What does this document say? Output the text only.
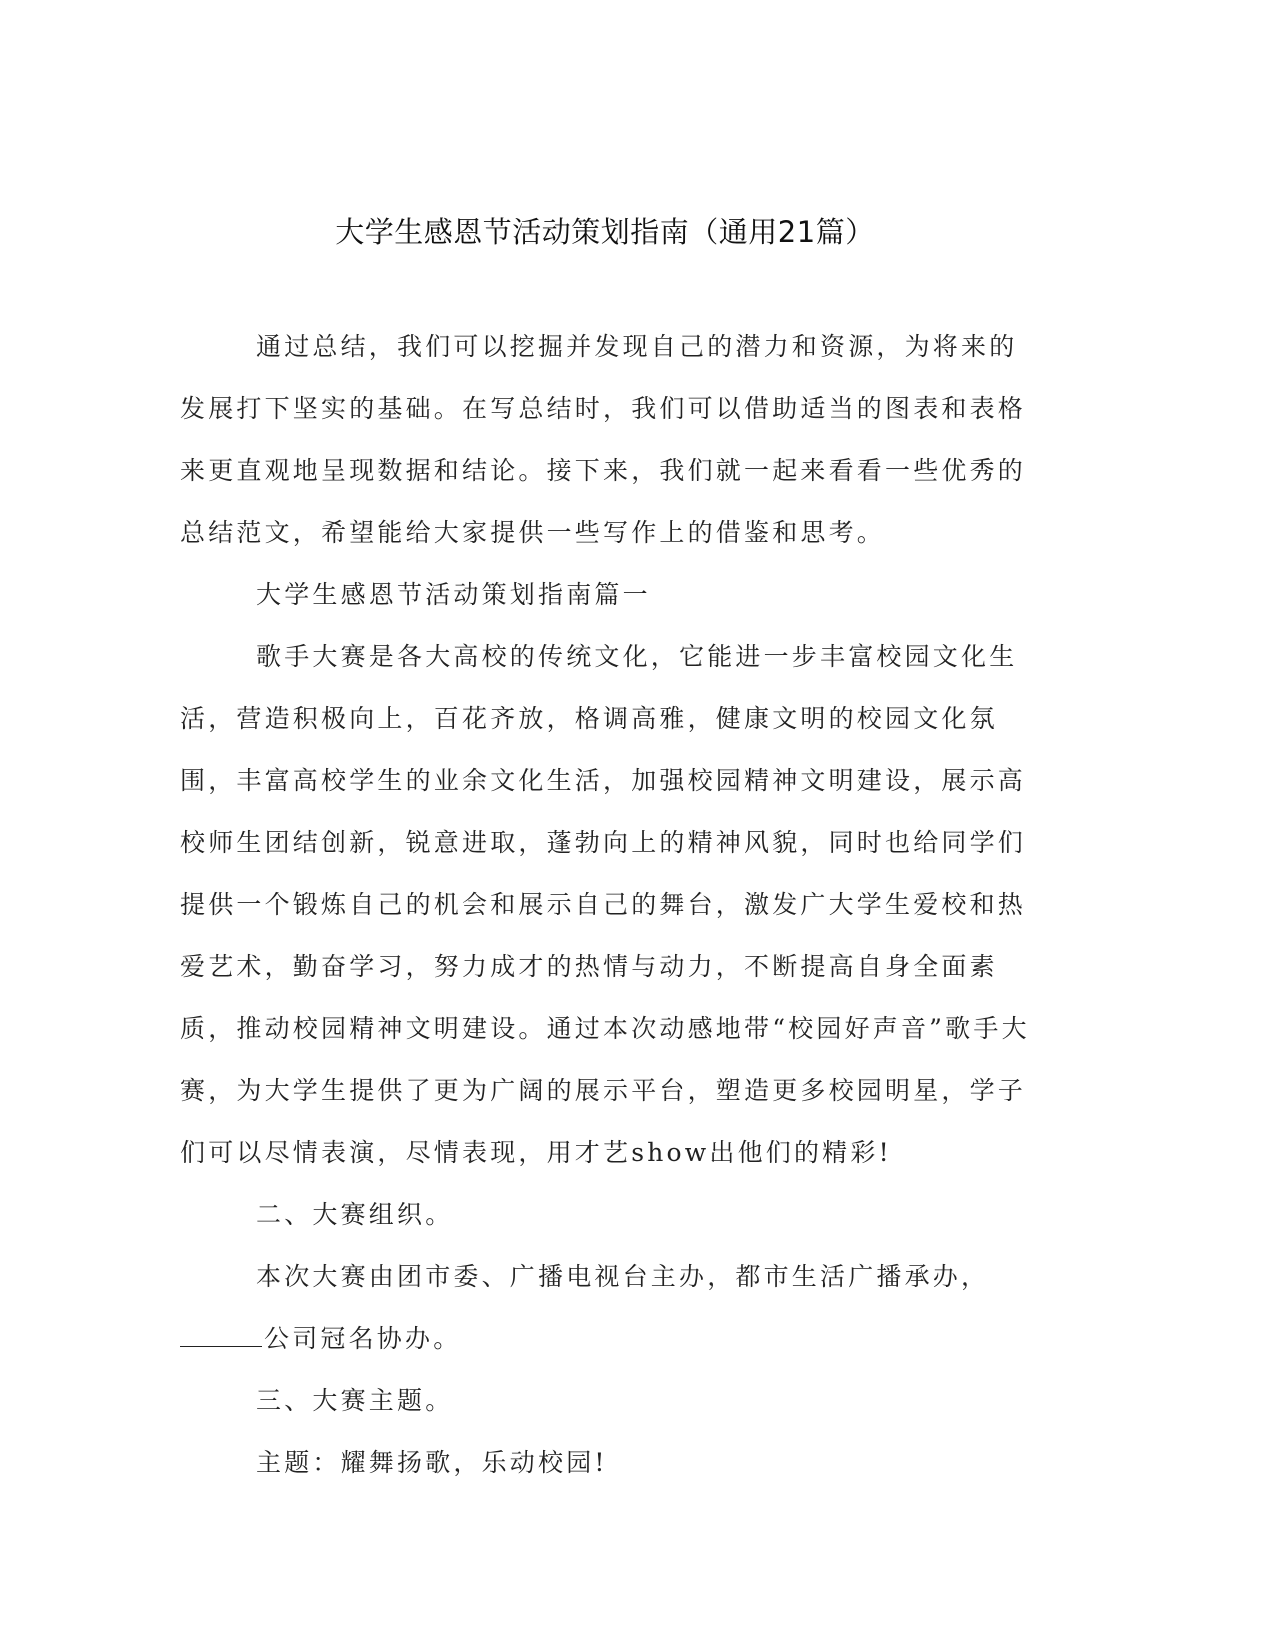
大学生感恩节活动策划指南（通用21篇）

通过总结，我们可以挖掘并发现自己的潜力和资源，为将来的发展打下坚实的基础。在写总结时，我们可以借助适当的图表和表格来更直观地呈现数据和结论。接下来，我们就一起来看看一些优秀的总结范文，希望能给大家提供一些写作上的借鉴和思考。

大学生感恩节活动策划指南篇一

歌手大赛是各大高校的传统文化，它能进一步丰富校园文化生活，营造积极向上，百花齐放，格调高雅，健康文明的校园文化氛围，丰富高校学生的业余文化生活，加强校园精神文明建设，展示高校师生团结创新，锐意进取，蓬勃向上的精神风貌，同时也给同学们提供一个锻炼自己的机会和展示自己的舞台，激发广大学生爱校和热爱艺术，勤奋学习，努力成才的热情与动力，不断提高自身全面素质，推动校园精神文明建设。通过本次动感地带“校园好声音”歌手大赛，为大学生提供了更为广阔的展示平台，塑造更多校园明星，学子们可以尽情表演，尽情表现，用才艺show出他们的精彩!

二、大赛组织。

本次大赛由团市委、广播电视台主办，都市生活广播承办，

公司冠名协办。

三、大赛主题。

主题：耀舞扬歌，乐动校园!
